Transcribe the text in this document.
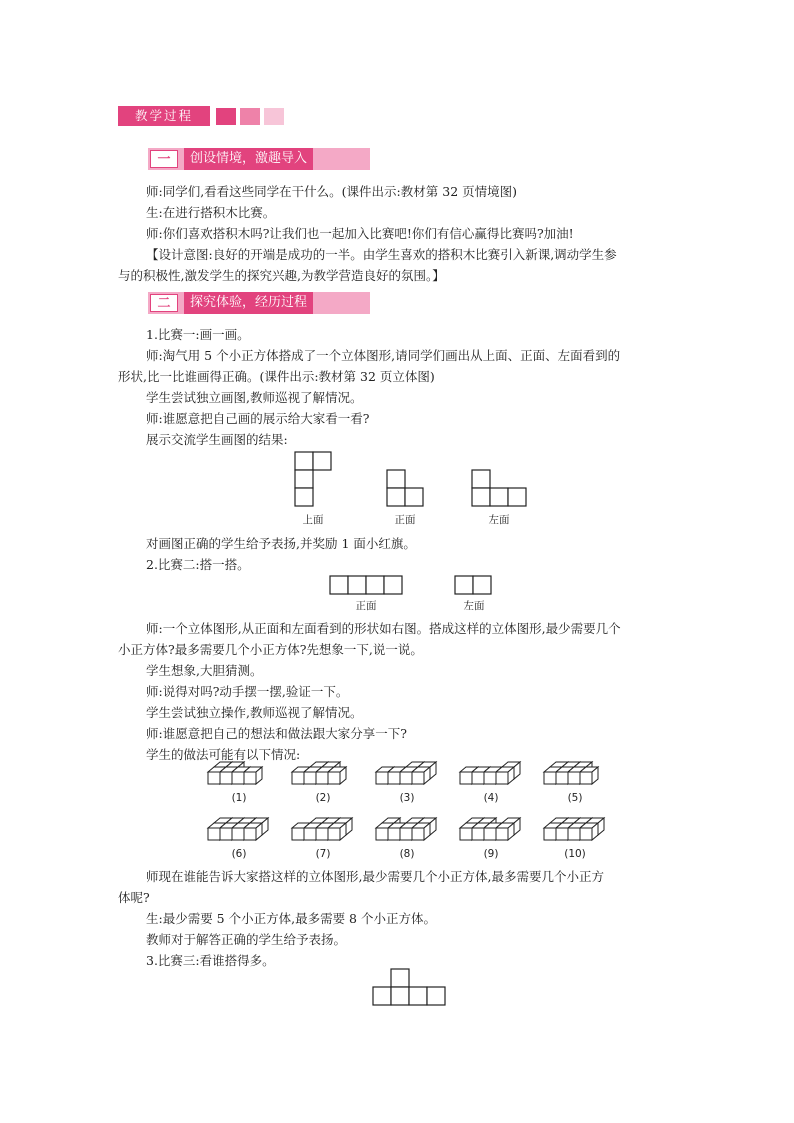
教学过程
一	创设情境，激趣导入
师:同学们,看看这些同学在干什么。(课件出示:教材第 32 页情境图)
生:在进行搭积木比赛。
师:你们喜欢搭积木吗?让我们也一起加入比赛吧!你们有信心赢得比赛吗?加油!
【设计意图:良好的开端是成功的一半。由学生喜欢的搭积木比赛引入新课,调动学生参
与的积极性,激发学生的探究兴趣,为教学营造良好的氛围。】
二	探究体验，经历过程
1.比赛一:画一画。
师:淘气用 5 个小正方体搭成了一个立体图形,请同学们画出从上面、正面、左面看到的
形状,比一比谁画得正确。(课件出示:教材第 32 页立体图)
学生尝试独立画图,教师巡视了解情况。
师:谁愿意把自己画的展示给大家看一看?
展示交流学生画图的结果:
上面	正面	左面
对画图正确的学生给予表扬,并奖励 1 面小红旗。
2.比赛二:搭一搭。
正面	左面
师:一个立体图形,从正面和左面看到的形状如右图。搭成这样的立体图形,最少需要几个
小正方体?最多需要几个小正方体?先想象一下,说一说。
学生想象,大胆猜测。
师:说得对吗?动手摆一摆,验证一下。
学生尝试独立操作,教师巡视了解情况。
师:谁愿意把自己的想法和做法跟大家分享一下?
学生的做法可能有以下情况:
(1)	(2)	(3)	(4)	(5)
(6)	(7)	(8)	(9)	(10)
师现在谁能告诉大家搭这样的立体图形,最少需要几个小正方体,最多需要几个小正方
体呢?
生:最少需要 5 个小正方体,最多需要 8 个小正方体。
教师对于解答正确的学生给予表扬。
3.比赛三:看谁搭得多。
